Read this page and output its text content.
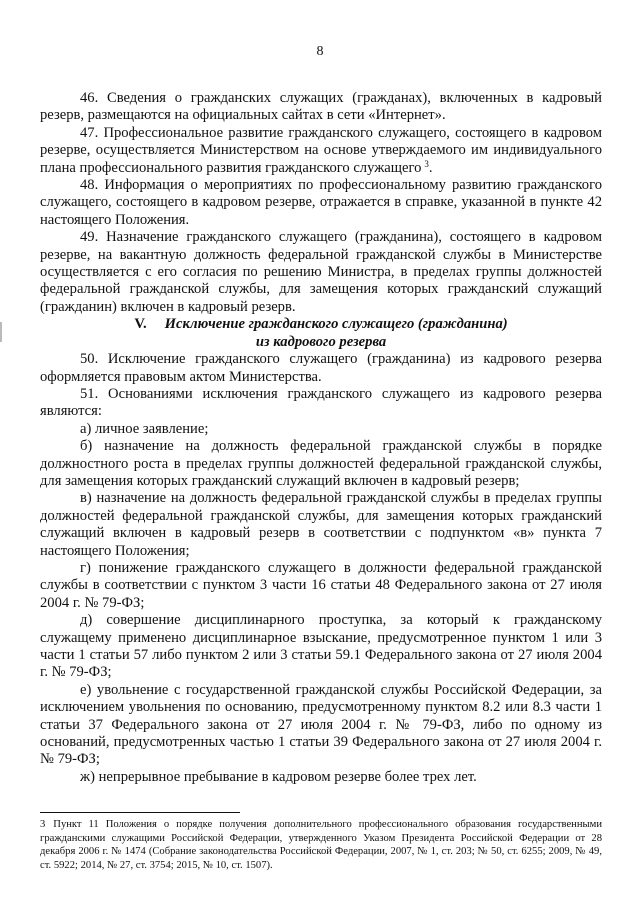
8

46. Сведения о гражданских служащих (гражданах), включенных в кадровый резерв, размещаются на официальных сайтах в сети «Интернет».

47. Профессиональное развитие гражданского служащего, состоящего в кадровом резерве, осуществляется Министерством на основе утверждаемого им индивидуального плана профессионального развития гражданского служащего  $^3$.

48. Информация о мероприятиях по профессиональному развитию гражданского служащего, состоящего в кадровом резерве, отражается в справке, указанной в пункте 42 настоящего Положения.

49. Назначение гражданского служащего (гражданина), состоящего в кадровом резерве, на вакантную должность федеральной гражданской службы в Министерстве осуществляется с его согласия по решению Министра, в пределах группы должностей федеральной гражданской службы, для замещения которых гражданский служащий (гражданин) включен в кадровый резерв.

V. Исключение гражданского служащего (гражданина)
из кадрового резерва

50. Исключение гражданского служащего (гражданина) из кадрового резерва оформляется правовым актом Министерства.

51. Основаниями исключения гражданского служащего из кадрового резерва являются:

а) личное заявление;

б) назначение на должность федеральной гражданской службы в порядке должностного роста в пределах группы должностей федеральной гражданской службы, для замещения которых гражданский служащий включен в кадровый резерв;

в) назначение на должность федеральной гражданской службы в пределах группы должностей федеральной гражданской службы, для замещения которых гражданский служащий включен в кадровый резерв в соответствии с подпунктом «в» пункта 7 настоящего Положения;

г) понижение гражданского служащего в должности федеральной гражданской службы в соответствии с пунктом 3 части 16 статьи 48 Федерального закона от 27 июля 2004 г. № 79-ФЗ;

д) совершение дисциплинарного проступка, за который к гражданскому служащему применено дисциплинарное взыскание, предусмотренное пунктом 1 или 3 части 1 статьи 57 либо пунктом 2 или 3 статьи 59.1 Федерального закона от 27 июля 2004 г. № 79-ФЗ;

е) увольнение с государственной гражданской службы Российской Федерации, за исключением увольнения по основанию, предусмотренному пунктом 8.2 или 8.3 части 1 статьи 37 Федерального закона от 27 июля 2004 г. № 79-ФЗ, либо по одному из оснований, предусмотренных частью 1 статьи 39 Федерального закона от 27 июля 2004 г. № 79-ФЗ;

ж) непрерывное пребывание в кадровом резерве более трех лет.

3 Пункт 11 Положения о порядке получения дополнительного профессионального образования государственными гражданскими служащими Российской Федерации, утвержденного Указом Президента Российской Федерации от 28 декабря 2006 г. № 1474 (Собрание законодательства Российской Федерации, 2007, № 1, ст. 203; № 50, ст. 6255; 2009, № 49, ст. 5922; 2014, № 27, ст. 3754; 2015, № 10, ст. 1507).
